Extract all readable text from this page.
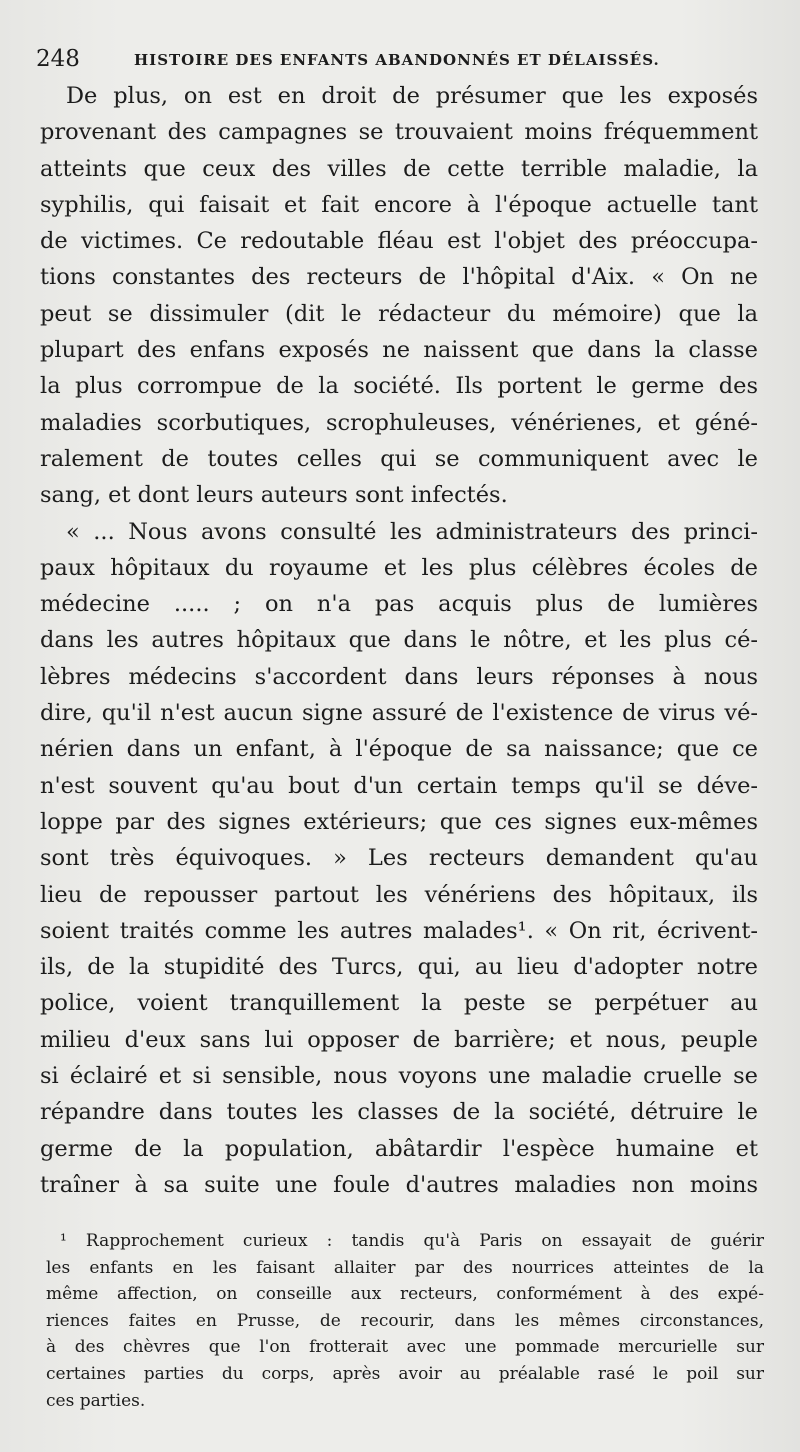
248	HISTOIRE DES ENFANTS ABANDONNÉS ET DÉLAISSÉS.
De plus, on est en droit de présumer que les exposés
provenant des campagnes se trouvaient moins fréquemment
atteints que ceux des villes de cette terrible maladie, la
syphilis, qui faisait et fait encore à l'époque actuelle tant
de victimes. Ce redoutable fléau est l'objet des préoccupa-
tions constantes des recteurs de l'hôpital d'Aix. « On ne
peut se dissimuler (dit le rédacteur du mémoire) que la
plupart des enfans exposés ne naissent que dans la classe
la plus corrompue de la société. Ils portent le germe des
maladies scorbutiques, scrophuleuses, vénérienes, et géné-
ralement de toutes celles qui se communiquent avec le
sang, et dont leurs auteurs sont infectés.
« ... Nous avons consulté les administrateurs des princi-
paux hôpitaux du royaume et les plus célèbres écoles de
médecine ..... ; on n'a pas acquis plus de lumières
dans les autres hôpitaux que dans le nôtre, et les plus cé-
lèbres médecins s'accordent dans leurs réponses à nous
dire, qu'il n'est aucun signe assuré de l'existence de virus vé-
nérien dans un enfant, à l'époque de sa naissance; que ce
n'est souvent qu'au bout d'un certain temps qu'il se déve-
loppe par des signes extérieurs; que ces signes eux-mêmes
sont très équivoques. » Les recteurs demandent qu'au
lieu de repousser partout les vénériens des hôpitaux, ils
soient traités comme les autres malades¹. « On rit, écrivent-
ils, de la stupidité des Turcs, qui, au lieu d'adopter notre
police, voient tranquillement la peste se perpétuer au
milieu d'eux sans lui opposer de barrière; et nous, peuple
si éclairé et si sensible, nous voyons une maladie cruelle se
répandre dans toutes les classes de la société, détruire le
germe de la population, abâtardir l'espèce humaine et
traîner à sa suite une foule d'autres maladies non moins
¹ Rapprochement curieux : tandis qu'à Paris on essayait de guérir
les enfants en les faisant allaiter par des nourrices atteintes de la
même affection, on conseille aux recteurs, conformément à des expé-
riences faites en Prusse, de recourir, dans les mêmes circonstances,
à des chèvres que l'on frotterait avec une pommade mercurielle sur
certaines parties du corps, après avoir au préalable rasé le poil sur
ces parties.
